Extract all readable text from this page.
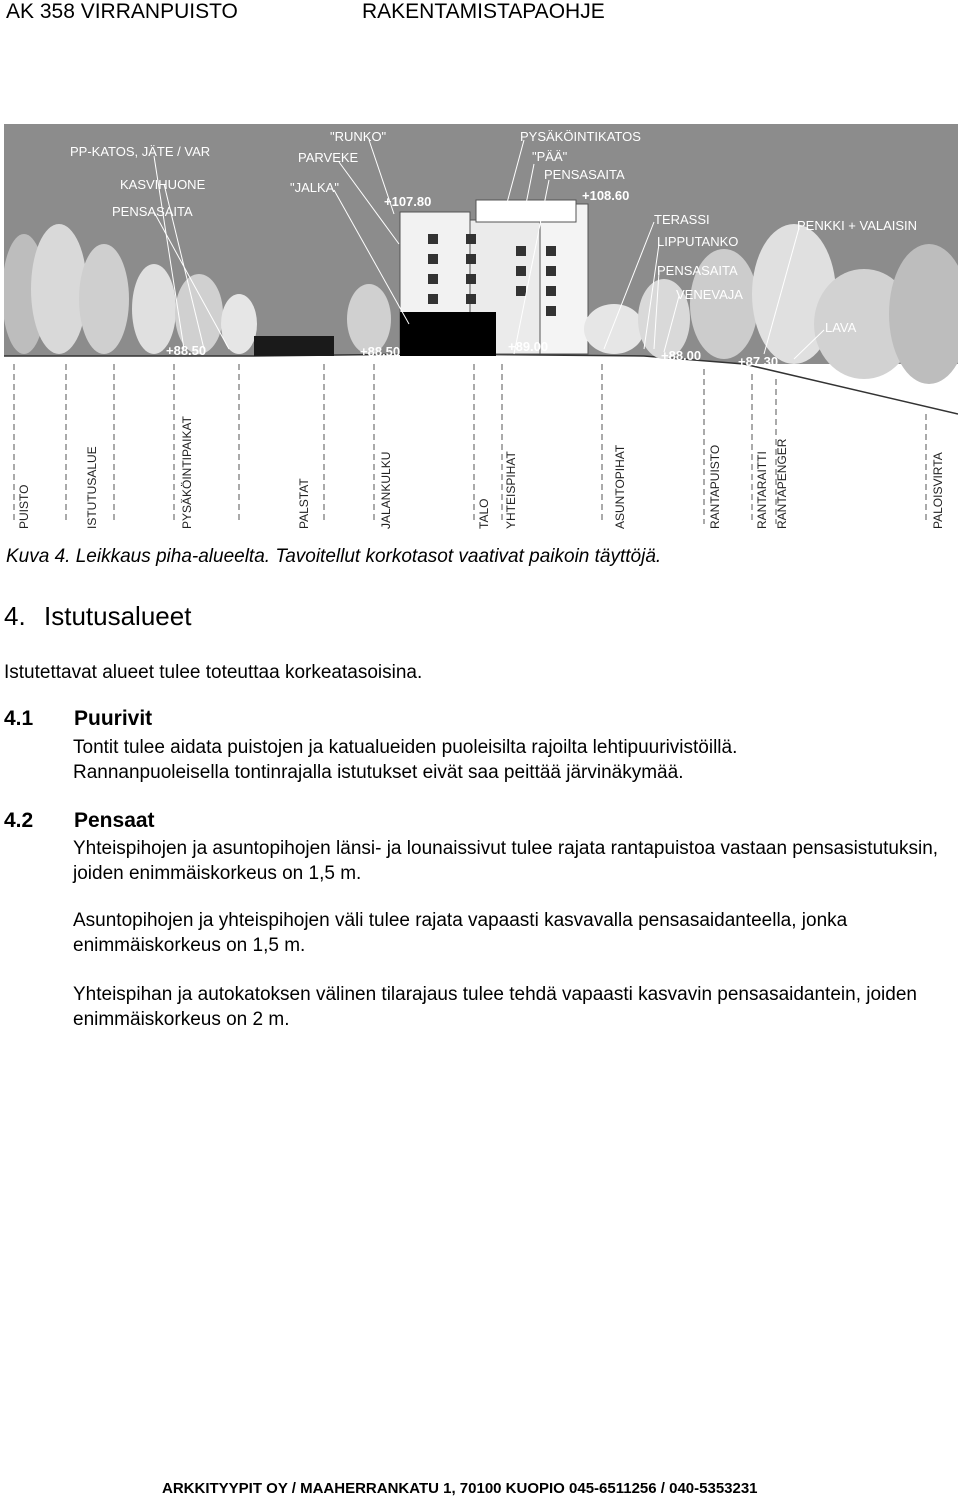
AK 358 VIRRANPUISTO	RAKENTAMISTAPAOHJE
PP-KATOS, JÄTE / VAR
KASVIHUONE
PENSASAITA
"RUNKO"
PARVEKE
"JALKA"
PYSÄKÖINTIKATOS
"PÄÄ"
PENSASAITA
TERASSI
LIPPUTANKO
PENSASAITA
VENEVAJA
PENKKI + VALAISIN
LAVA
+107.80	+108.60
+88.50	+88.50	+89.00
+88.00	+87.30
PUISTO	ISTUTUSALUE	PYSÄKÖINTIPAIKAT	PALSTAT	JALANKULKU	TALO YHTEISPIHAT	ASUNTOPIHAT	RANTAPUISTO	RANTARAITTI RANTAPENGER	PALOISVIRTA
Kuva 4. Leikkaus piha-alueelta. Tavoitellut korkotasot vaativat paikoin täyttöjä.
4. Istutusalueet
Istutettavat alueet tulee toteuttaa korkeatasoisina.
4.1 Puurivit
Tontit tulee aidata puistojen ja katualueiden puoleisilta rajoilta lehtipuurivistöillä.
Rannanpuoleisella tontinrajalla istutukset eivät saa peittää järvinäkymää.
4.2 Pensaat
Yhteispihojen ja asuntopihojen länsi- ja lounaissivut tulee rajata rantapuistoa vastaan pensasistutuksin, joiden enimmäiskorkeus on 1,5 m.
Asuntopihojen ja yhteispihojen väli tulee rajata vapaasti kasvavalla pensasaidanteella, jonka enimmäiskorkeus on 1,5 m.
Yhteispihan ja autokatoksen välinen tilarajaus tulee tehdä vapaasti kasvavin pensasaidantein, joiden enimmäiskorkeus on 2 m.
ARKKITYYPIT OY / MAAHERRANKATU 1, 70100 KUOPIO 045-6511256 / 040-5353231
